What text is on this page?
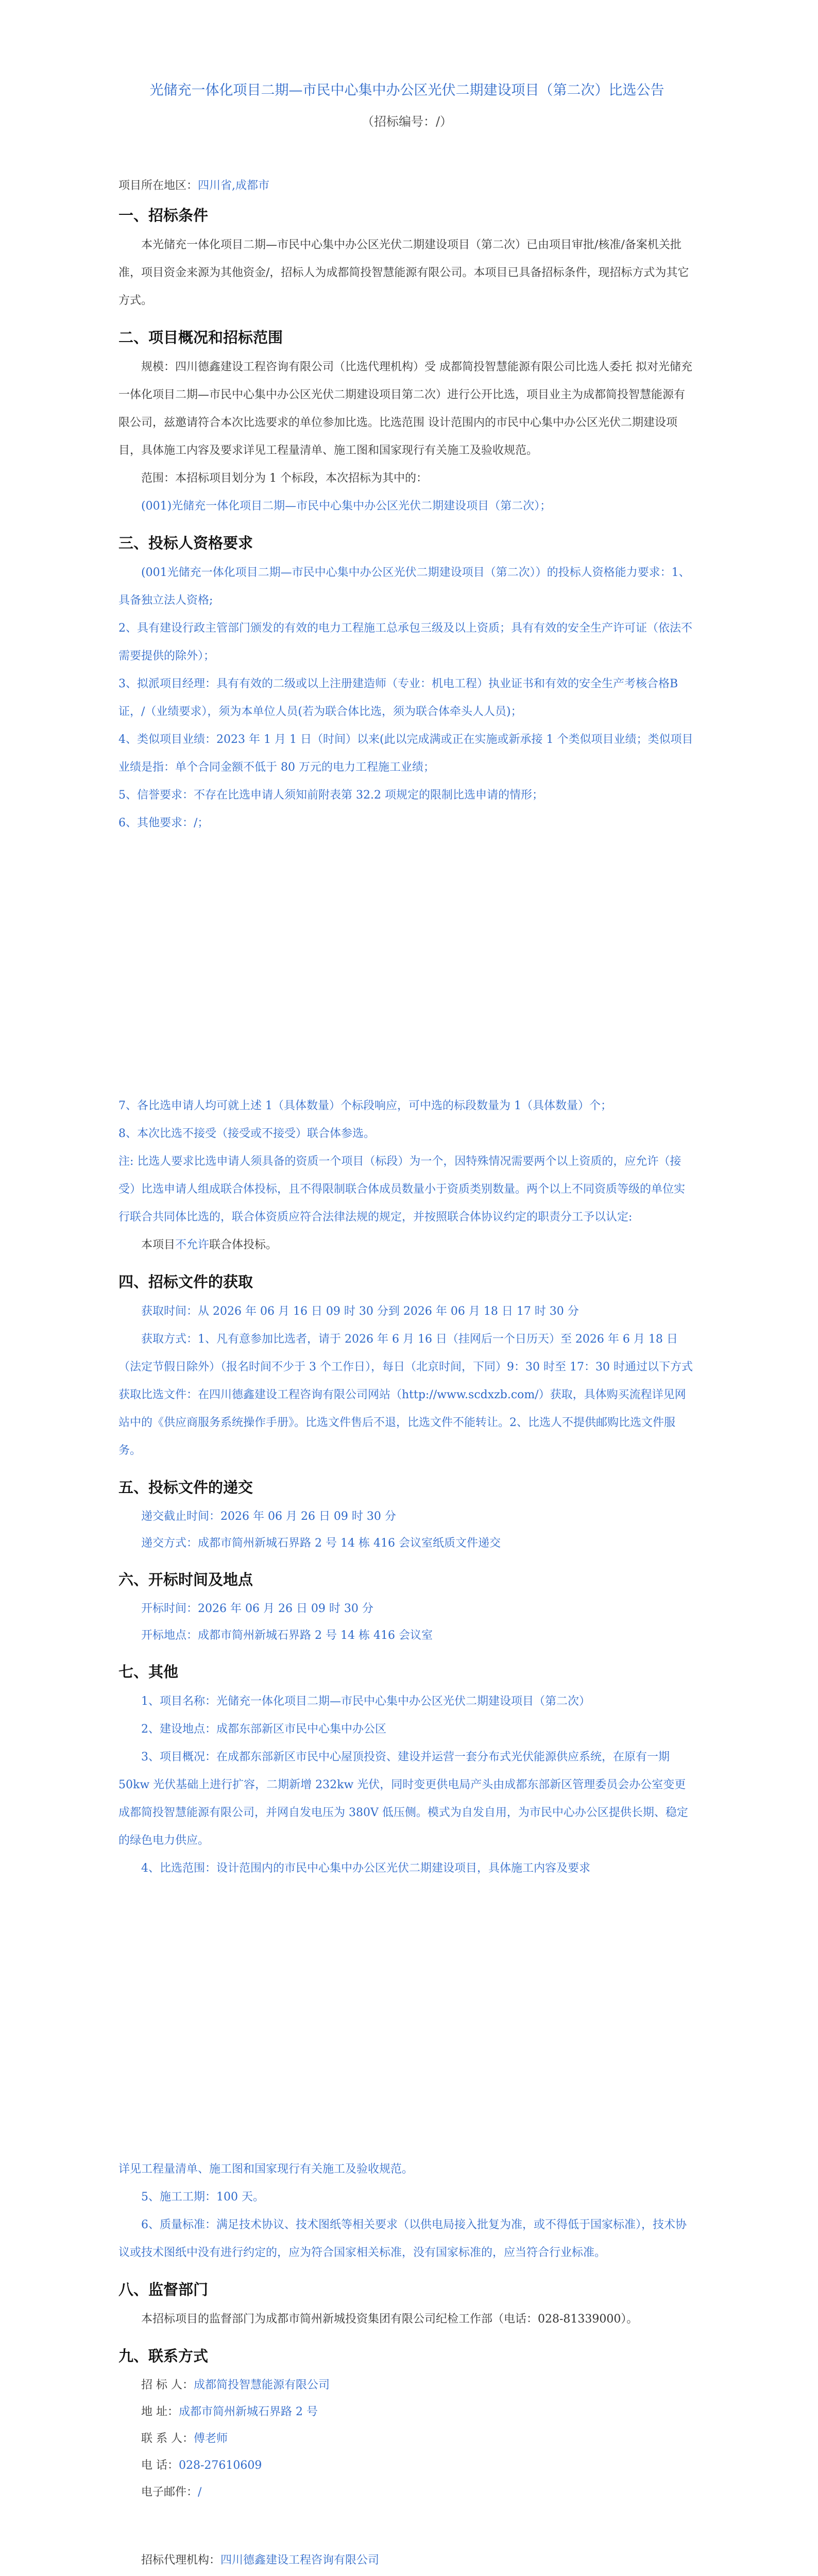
光储充一体化项目二期—市民中心集中办公区光伏二期建设项目（第二次）比选公告

（招标编号：/）

项目所在地区：四川省,成都市
一、招标条件

本光储充一体化项目二期—市民中心集中办公区光伏二期建设项目（第二次）已由项目审批/核准/备案机关批准，项目资金来源为其他资金/，招标人为成都简投智慧能源有限公司。本项目已具备招标条件，现招标方式为其它方式。

二、项目概况和招标范围

规模：四川德鑫建设工程咨询有限公司（比选代理机构）受 成都简投智慧能源有限公司比选人委托 拟对光储充一体化项目二期—市民中心集中办公区光伏二期建设项目第二次）进行公开比选，项目业主为成都简投智慧能源有限公司，兹邀请符合本次比选要求的单位参加比选。比选范围 设计范围内的市民中心集中办公区光伏二期建设项目，具体施工内容及要求详见工程量清单、施工图和国家现行有关施工及验收规范。

范围：本招标项目划分为 1 个标段，本次招标为其中的：

(001)光储充一体化项目二期—市民中心集中办公区光伏二期建设项目（第二次）；

三、投标人资格要求

(001光储充一体化项目二期—市民中心集中办公区光伏二期建设项目（第二次））的投标人资格能力要求：1、具备独立法人资格;

2、具有建设行政主管部门颁发的有效的电力工程施工总承包三级及以上资质；具有有效的安全生产许可证（依法不需要提供的除外）；

3、拟派项目经理：具有有效的二级或以上注册建造师（专业：机电工程）执业证书和有效的安全生产考核合格B证，/（业绩要求），须为本单位人员(若为联合体比选，须为联合体牵头人人员)；

4、类似项目业绩：2023 年 1 月 1 日（时间）以来(此以完成满或正在实施或新承接 1 个类似项目业绩；类似项目业绩是指：单个合同金额不低于 80 万元的电力工程施工业绩；

5、信誉要求：不存在比选申请人须知前附表第 32.2 项规定的限制比选申请的情形；

6、其他要求：/；

7、各比选申请人均可就上述 1（具体数量）个标段响应，可中选的标段数量为 1（具体数量）个；

8、本次比选不接受（接受或不接受）联合体参选。

注: 比选人要求比选申请人须具备的资质一个项目（标段）为一个，因特殊情况需要两个以上资质的，应允许（接受）比选申请人组成联合体投标，且不得限制联合体成员数量小于资质类别数量。两个以上不同资质等级的单位实行联合共同体比选的，联合体资质应符合法律法规的规定，并按照联合体协议约定的职责分工予以认定:

本项目不允许联合体投标。

四、招标文件的获取

获取时间：从 2026 年 06 月 16 日 09 时 30 分到 2026 年 06 月 18 日 17 时 30 分

获取方式：1、凡有意参加比选者，请于 2026 年 6 月 16 日（挂网后一个日历天）至 2026 年 6 月 18 日（法定节假日除外）（报名时间不少于 3 个工作日），每日（北京时间，下同）9：30 时至 17：30 时通过以下方式获取比选文件：在四川德鑫建设工程咨询有限公司网站（http://www.scdxzb.com/）获取，具体购买流程详见网站中的《供应商服务系统操作手册》。比选文件售后不退，比选文件不能转让。2、比选人不提供邮购比选文件服务。

五、投标文件的递交

递交截止时间：2026 年 06 月 26 日 09 时 30 分

递交方式：成都市简州新城石界路 2 号 14 栋 416 会议室纸质文件递交

六、开标时间及地点

开标时间：2026 年 06 月 26 日 09 时 30 分

开标地点：成都市简州新城石界路 2 号 14 栋 416 会议室

七、其他

1、项目名称：光储充一体化项目二期—市民中心集中办公区光伏二期建设项目（第二次）

2、建设地点：成都东部新区市民中心集中办公区

3、项目概况：在成都东部新区市民中心屋顶投资、建设并运营一套分布式光伏能源供应系统，在原有一期 50kw 光伏基础上进行扩容，二期新增 232kw 光伏，同时变更供电局产头由成都东部新区管理委员会办公室变更成都简投智慧能源有限公司，并网自发电压为 380V 低压侧。模式为自发自用，为市民中心办公区提供长期、稳定的绿色电力供应。

4、比选范围：设计范围内的市民中心集中办公区光伏二期建设项目，具体施工内容及要求

详见工程量清单、施工图和国家现行有关施工及验收规范。

5、施工工期：100 天。

6、质量标准：满足技术协议、技术图纸等相关要求（以供电局接入批复为准，或不得低于国家标准），技术协议或技术图纸中没有进行约定的，应为符合国家相关标准，没有国家标准的，应当符合行业标准。

八、监督部门

本招标项目的监督部门为成都市简州新城投资集团有限公司纪检工作部（电话：028-81339000）。

九、联系方式

招 标 人：成都简投智慧能源有限公司

地 址：成都市简州新城石界路 2 号

联 系 人：傅老师

电 话：028-27610609

电子邮件：/

招标代理机构：四川德鑫建设工程咨询有限公司
